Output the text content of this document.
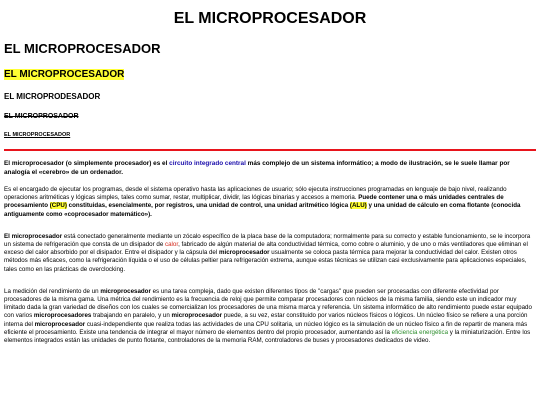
EL MICROPROCESADOR
EL MICROPROCESADOR
EL MICROPROCESADOR
EL MICROPRODESADOR
EL MICROPROSADOR
EL MICROPROCESADOR
El microprocesador (o simplemente procesador) es el circuito integrado central más complejo de un sistema informático; a modo de ilustración, se le suele llamar por analogía el «cerebro» de un ordenador.

Es el encargado de ejecutar los programas, desde el sistema operativo hasta las aplicaciones de usuario; sólo ejecuta instrucciones programadas en lenguaje de bajo nivel, realizando operaciones aritméticas y lógicas simples, tales como sumar, restar, multiplicar, dividir, las lógicas binarias y accesos a memoria. Puede contener una o más unidades centrales de procesamiento (CPU) constituidas, esencialmente, por registros, una unidad de control, una unidad aritmético lógica (ALU) y una unidad de cálculo en coma flotante (conocida antiguamente como «coprocesador matemático»).

El microprocesador está conectado generalmente mediante un zócalo específico de la placa base de la computadora; normalmente para su correcto y estable funcionamiento, se le incorpora un sistema de refrigeración que consta de un disipador de calor, fabricado de algún material de alta conductividad térmica, como cobre o aluminio, y de uno o más ventiladores que eliminan el exceso del calor absorbido por el disipador. Entre el disipador y la cápsula del microprocesador usualmente se coloca pasta térmica para mejorar la conductividad del calor. Existen otros métodos más eficaces, como la refrigeración líquida o el uso de células peltier para refrigeración extrema, aunque estas técnicas se utilizan casi exclusivamente para aplicaciones especiales, tales como en las prácticas de overclocking.

La medición del rendimiento de un microprocesador es una tarea compleja, dado que existen diferentes tipos de "cargas" que pueden ser procesadas con diferente efectividad por procesadores de la misma gama. Una métrica del rendimiento es la frecuencia de reloj que permite comparar procesadores con núcleos de la misma familia, siendo este un indicador muy limitado dada la gran variedad de diseños con los cuales se comercializan los procesadores de una misma marca y referencia. Un sistema informático de alto rendimiento puede estar equipado con varios microprocesadores trabajando en paralelo, y un microprocesador puede, a su vez, estar constituido por varios núcleos físicos o lógicos. Un núcleo físico se refiere a una porción interna del microprocesador cuasi-independiente que realiza todas las actividades de una CPU solitaria, un núcleo lógico es la simulación de un núcleo físico a fin de repartir de manera más eficiente el procesamiento. Existe una tendencia de integrar el mayor número de elementos dentro del propio procesador, aumentando así la eficiencia energética y la miniaturización. Entre los elementos integrados están las unidades de punto flotante, controladores de la memoria RAM, controladores de buses y procesadores dedicados de video.
